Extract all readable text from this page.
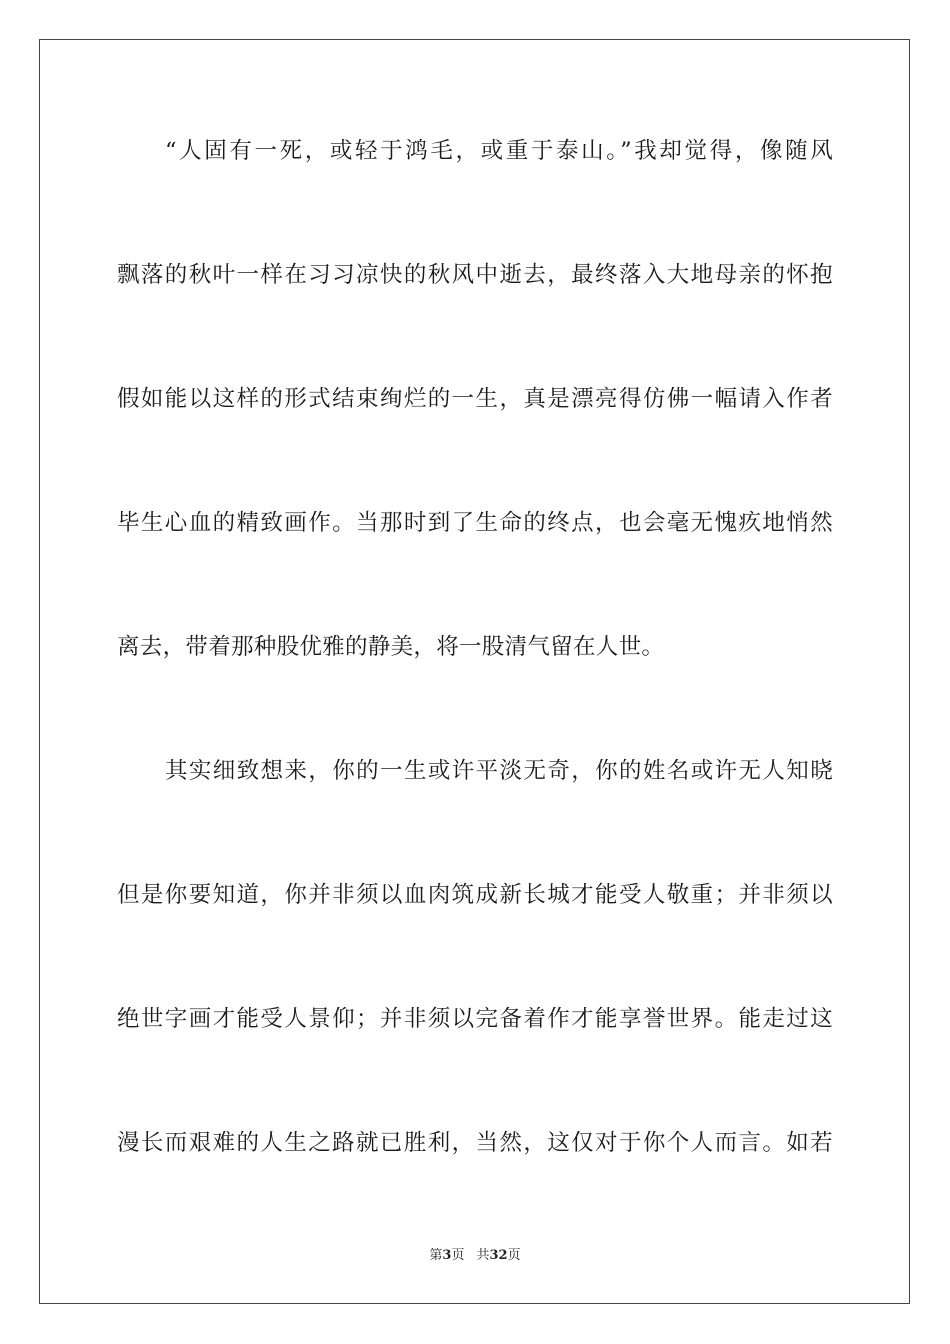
“人固有一死，或轻于鸿毛，或重于泰山。”我却觉得，像随风
飘落的秋叶一样在习习凉快的秋风中逝去，最终落入大地母亲的怀抱
假如能以这样的形式结束绚烂的一生，真是漂亮得仿佛一幅请入作者
毕生心血的精致画作。当那时到了生命的终点，也会毫无愧疚地悄然
离去，带着那种股优雅的静美，将一股清气留在人世。
其实细致想来，你的一生或许平淡无奇，你的姓名或许无人知晓
但是你要知道，你并非须以血肉筑成新长城才能受人敬重；并非须以
绝世字画才能受人景仰；并非须以完备着作才能享誉世界。能走过这
漫长而艰难的人生之路就已胜利，当然，这仅对于你个人而言。如若
第3页 共32页
